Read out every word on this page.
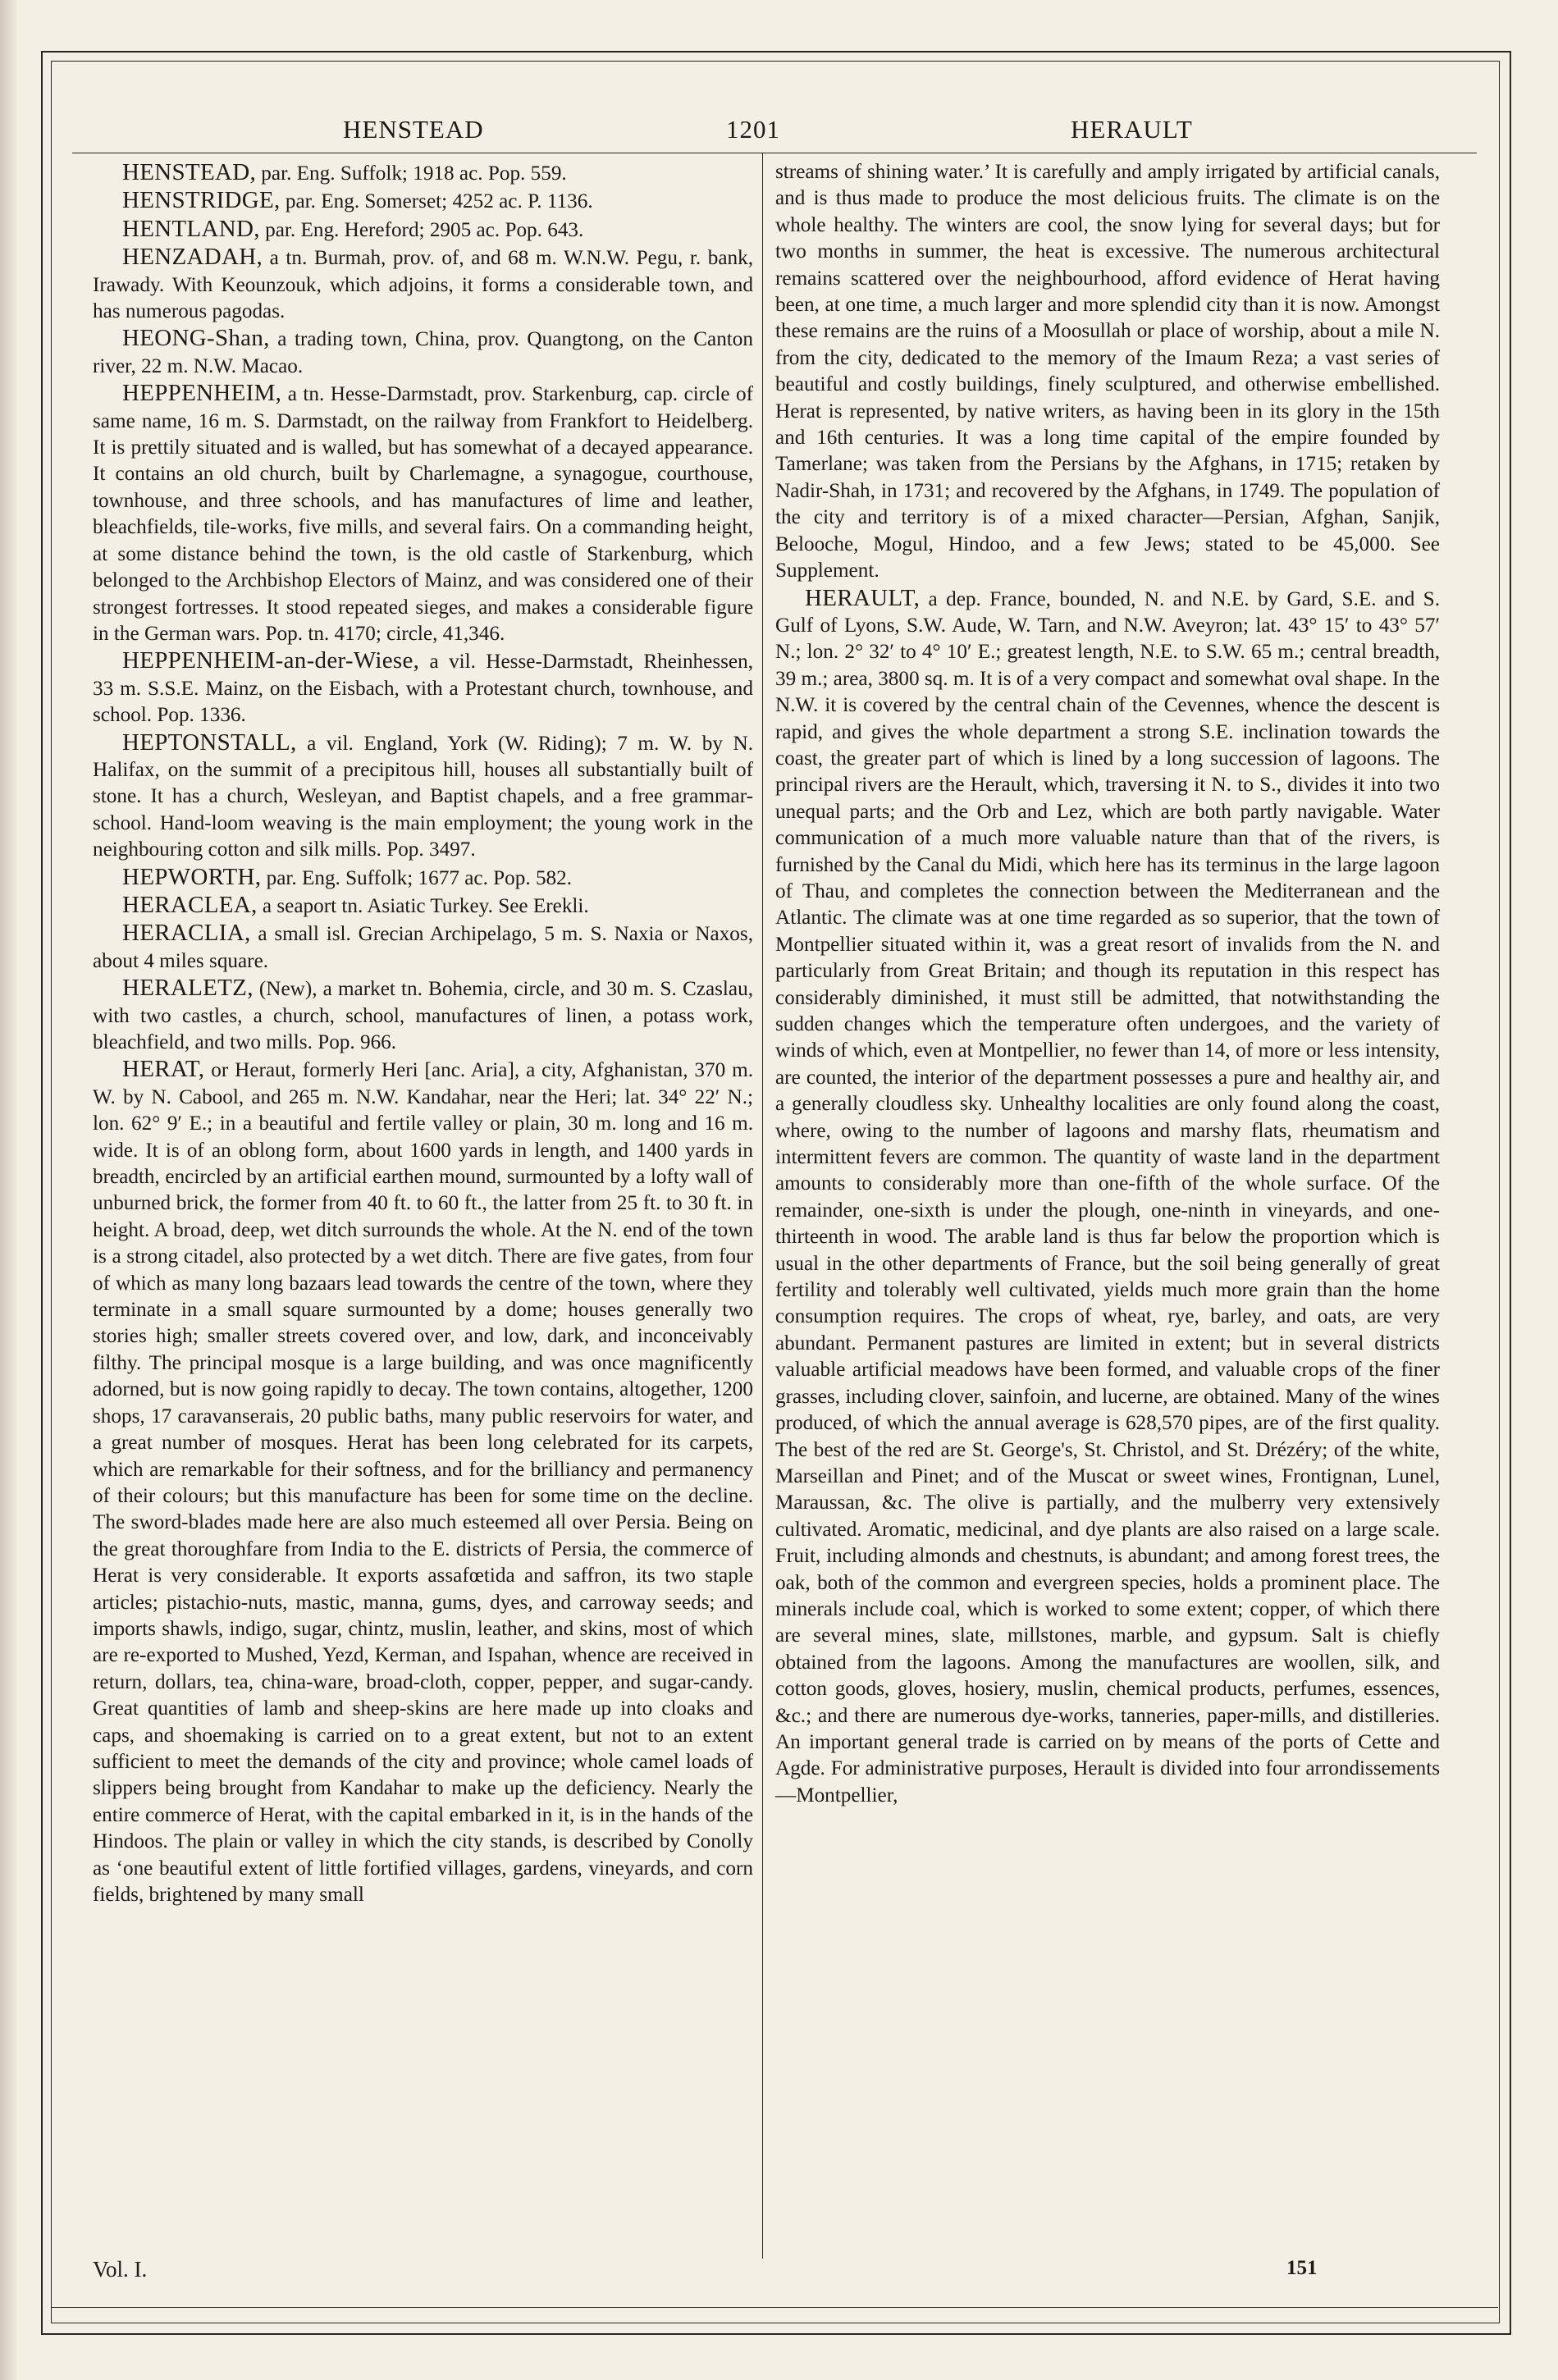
HENSTEAD	1201	HERAULT

HENSTEAD, par. Eng. Suffolk; 1918 ac. Pop. 559.

HENSTRIDGE, par. Eng. Somerset; 4252 ac. P. 1136.

HENTLAND, par. Eng. Hereford; 2905 ac. Pop. 643.

HENZADAH, a tn. Burmah, prov. of, and 68 m. W.N.W. Pegu, r. bank, Irawady. With Keounzouk, which adjoins, it forms a considerable town, and has numerous pagodas.

HEONG-Shan, a trading town, China, prov. Quangtong, on the Canton river, 22 m. N.W. Macao.

HEPPENHEIM, a tn. Hesse-Darmstadt, prov. Starkenburg, cap. circle of same name, 16 m. S. Darmstadt, on the railway from Frankfort to Heidelberg. It is prettily situated and is walled, but has somewhat of a decayed appearance. It contains an old church, built by Charlemagne, a synagogue, courthouse, townhouse, and three schools, and has manufactures of lime and leather, bleachfields, tile-works, five mills, and several fairs. On a commanding height, at some distance behind the town, is the old castle of Starkenburg, which belonged to the Archbishop Electors of Mainz, and was considered one of their strongest fortresses. It stood repeated sieges, and makes a considerable figure in the German wars. Pop. tn. 4170; circle, 41,346.

HEPPENHEIM-an-der-Wiese, a vil. Hesse-Darmstadt, Rheinhessen, 33 m. S.S.E. Mainz, on the Eisbach, with a Protestant church, townhouse, and school. Pop. 1336.

HEPTONSTALL, a vil. England, York (W. Riding); 7 m. W. by N. Halifax, on the summit of a precipitous hill, houses all substantially built of stone. It has a church, Wesleyan, and Baptist chapels, and a free grammar-school. Hand-loom weaving is the main employment; the young work in the neighbouring cotton and silk mills. Pop. 3497.

HEPWORTH, par. Eng. Suffolk; 1677 ac. Pop. 582.

HERACLEA, a seaport tn. Asiatic Turkey. See Erekli.

HERACLIA, a small isl. Grecian Archipelago, 5 m. S. Naxia or Naxos, about 4 miles square.

HERALETZ, (New), a market tn. Bohemia, circle, and 30 m. S. Czaslau, with two castles, a church, school, manufactures of linen, a potass work, bleachfield, and two mills. Pop. 966.

HERAT, or Heraut, formerly Heri [anc. Aria], a city, Afghanistan, 370 m. W. by N. Cabool, and 265 m. N.W. Kandahar, near the Heri; lat. 34° 22′ N.; lon. 62° 9′ E.; in a beautiful and fertile valley or plain, 30 m. long and 16 m. wide. It is of an oblong form, about 1600 yards in length, and 1400 yards in breadth, encircled by an artificial earthen mound, surmounted by a lofty wall of unburned brick, the former from 40 ft. to 60 ft., the latter from 25 ft. to 30 ft. in height. A broad, deep, wet ditch surrounds the whole. At the N. end of the town is a strong citadel, also protected by a wet ditch. There are five gates, from four of which as many long bazaars lead towards the centre of the town, where they terminate in a small square surmounted by a dome; houses generally two stories high; smaller streets covered over, and low, dark, and inconceivably filthy. The principal mosque is a large building, and was once magnificently adorned, but is now going rapidly to decay. The town contains, altogether, 1200 shops, 17 caravanserais, 20 public baths, many public reservoirs for water, and a great number of mosques. Herat has been long celebrated for its carpets, which are remarkable for their softness, and for the brilliancy and permanency of their colours; but this manufacture has been for some time on the decline. The sword-blades made here are also much esteemed all over Persia. Being on the great thoroughfare from India to the E. districts of Persia, the commerce of Herat is very considerable. It exports assafœtida and saffron, its two staple articles; pistachio-nuts, mastic, manna, gums, dyes, and carroway seeds; and imports shawls, indigo, sugar, chintz, muslin, leather, and skins, most of which are re-exported to Mushed, Yezd, Kerman, and Ispahan, whence are received in return, dollars, tea, china-ware, broad-cloth, copper, pepper, and sugar-candy. Great quantities of lamb and sheep-skins are here made up into cloaks and caps, and shoemaking is carried on to a great extent, but not to an extent sufficient to meet the demands of the city and province; whole camel loads of slippers being brought from Kandahar to make up the deficiency. Nearly the entire commerce of Herat, with the capital embarked in it, is in the hands of the Hindoos. The plain or valley in which the city stands, is described by Conolly as ‘one beautiful extent of little fortified villages, gardens, vineyards, and corn fields, brightened by many small

streams of shining water.’ It is carefully and amply irrigated by artificial canals, and is thus made to produce the most delicious fruits. The climate is on the whole healthy. The winters are cool, the snow lying for several days; but for two months in summer, the heat is excessive. The numerous architectural remains scattered over the neighbourhood, afford evidence of Herat having been, at one time, a much larger and more splendid city than it is now. Amongst these remains are the ruins of a Moosullah or place of worship, about a mile N. from the city, dedicated to the memory of the Imaum Reza; a vast series of beautiful and costly buildings, finely sculptured, and otherwise embellished. Herat is represented, by native writers, as having been in its glory in the 15th and 16th centuries. It was a long time capital of the empire founded by Tamerlane; was taken from the Persians by the Afghans, in 1715; retaken by Nadir-Shah, in 1731; and recovered by the Afghans, in 1749. The population of the city and territory is of a mixed character—Persian, Afghan, Sanjik, Belooche, Mogul, Hindoo, and a few Jews; stated to be 45,000. See Supplement.

HERAULT, a dep. France, bounded, N. and N.E. by Gard, S.E. and S. Gulf of Lyons, S.W. Aude, W. Tarn, and N.W. Aveyron; lat. 43° 15′ to 43° 57′ N.; lon. 2° 32′ to 4° 10′ E.; greatest length, N.E. to S.W. 65 m.; central breadth, 39 m.; area, 3800 sq. m. It is of a very compact and somewhat oval shape. In the N.W. it is covered by the central chain of the Cevennes, whence the descent is rapid, and gives the whole department a strong S.E. inclination towards the coast, the greater part of which is lined by a long succession of lagoons. The principal rivers are the Herault, which, traversing it N. to S., divides it into two unequal parts; and the Orb and Lez, which are both partly navigable. Water communication of a much more valuable nature than that of the rivers, is furnished by the Canal du Midi, which here has its terminus in the large lagoon of Thau, and completes the connection between the Mediterranean and the Atlantic. The climate was at one time regarded as so superior, that the town of Montpellier situated within it, was a great resort of invalids from the N. and particularly from Great Britain; and though its reputation in this respect has considerably diminished, it must still be admitted, that notwithstanding the sudden changes which the temperature often undergoes, and the variety of winds of which, even at Montpellier, no fewer than 14, of more or less intensity, are counted, the interior of the department possesses a pure and healthy air, and a generally cloudless sky. Unhealthy localities are only found along the coast, where, owing to the number of lagoons and marshy flats, rheumatism and intermittent fevers are common. The quantity of waste land in the department amounts to considerably more than one-fifth of the whole surface. Of the remainder, one-sixth is under the plough, one-ninth in vineyards, and one-thirteenth in wood. The arable land is thus far below the proportion which is usual in the other departments of France, but the soil being generally of great fertility and tolerably well cultivated, yields much more grain than the home consumption requires. The crops of wheat, rye, barley, and oats, are very abundant. Permanent pastures are limited in extent; but in several districts valuable artificial meadows have been formed, and valuable crops of the finer grasses, including clover, sainfoin, and lucerne, are obtained. Many of the wines produced, of which the annual average is 628,570 pipes, are of the first quality. The best of the red are St. George's, St. Christol, and St. Drézéry; of the white, Marseillan and Pinet; and of the Muscat or sweet wines, Frontignan, Lunel, Maraussan, &c. The olive is partially, and the mulberry very extensively cultivated. Aromatic, medicinal, and dye plants are also raised on a large scale. Fruit, including almonds and chestnuts, is abundant; and among forest trees, the oak, both of the common and evergreen species, holds a prominent place. The minerals include coal, which is worked to some extent; copper, of which there are several mines, slate, millstones, marble, and gypsum. Salt is chiefly obtained from the lagoons. Among the manufactures are woollen, silk, and cotton goods, gloves, hosiery, muslin, chemical products, perfumes, essences, &c.; and there are numerous dye-works, tanneries, paper-mills, and distilleries. An important general trade is carried on by means of the ports of Cette and Agde. For administrative purposes, Herault is divided into four arrondissements—Montpellier,

Vol. I.	151
